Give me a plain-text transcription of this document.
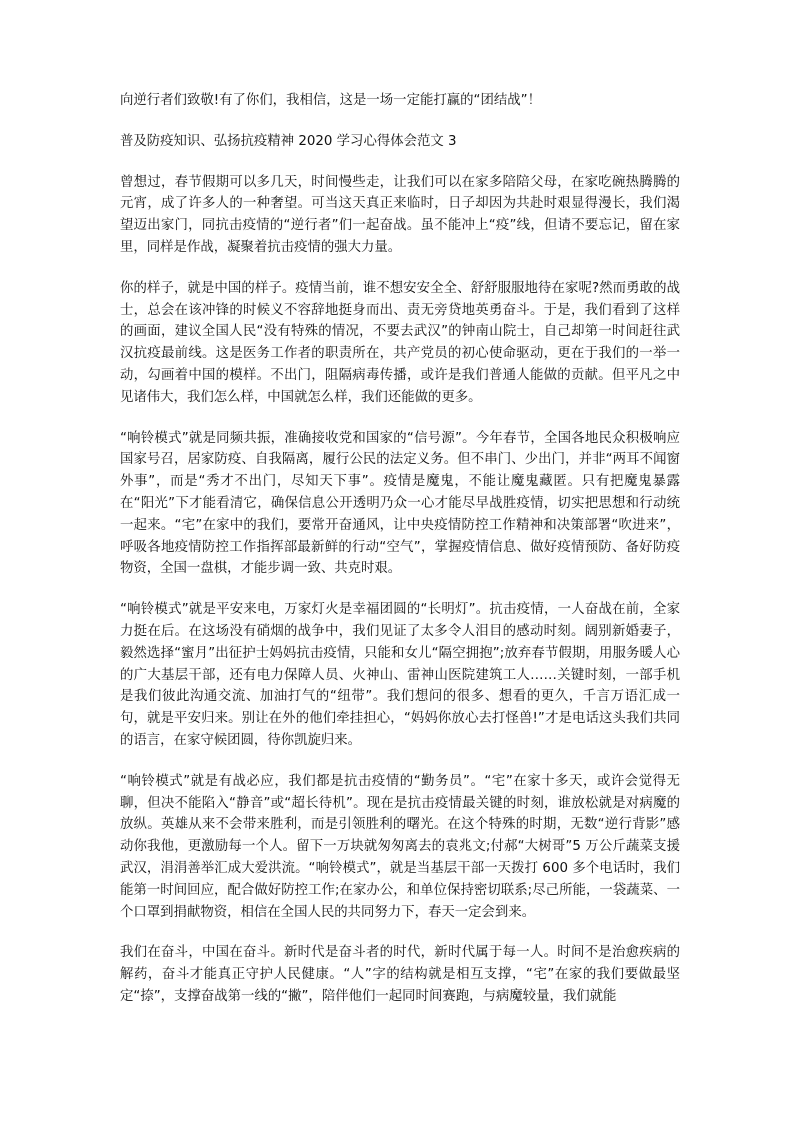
向逆行者们致敬!有了你们，我相信，这是一场一定能打赢的“团结战”！

普及防疫知识、弘扬抗疫精神 2020 学习心得体会范文 3

曾想过，春节假期可以多几天，时间慢些走，让我们可以在家多陪陪父母，在家吃碗热腾腾的元宵，成了许多人的一种奢望。可当这天真正来临时，日子却因为共赴时艰显得漫长，我们渴望迈出家门，同抗击疫情的“逆行者”们一起奋战。虽不能冲上“疫”线，但请不要忘记，留在家里，同样是作战，凝聚着抗击疫情的强大力量。

你的样子，就是中国的样子。疫情当前，谁不想安安全全、舒舒服服地待在家呢?然而勇敢的战士，总会在该冲锋的时候义不容辞地挺身而出、责无旁贷地英勇奋斗。于是，我们看到了这样的画面，建议全国人民“没有特殊的情况，不要去武汉”的钟南山院士，自己却第一时间赶往武汉抗疫最前线。这是医务工作者的职责所在，共产党员的初心使命驱动，更在于我们的一举一动，勾画着中国的模样。不出门，阻隔病毒传播，或许是我们普通人能做的贡献。但平凡之中见诸伟大，我们怎么样，中国就怎么样，我们还能做的更多。

“响铃模式”就是同频共振，准确接收党和国家的“信号源”。今年春节，全国各地民众积极响应国家号召，居家防疫、自我隔离，履行公民的法定义务。但不串门、少出门，并非“两耳不闻窗外事”，而是“秀才不出门，尽知天下事”。疫情是魔鬼，不能让魔鬼藏匿。只有把魔鬼暴露在“阳光”下才能看清它，确保信息公开透明乃众一心才能尽早战胜疫情，切实把思想和行动统一起来。“宅”在家中的我们，要常开奋通风，让中央疫情防控工作精神和决策部署“吹进来”，呼吸各地疫情防控工作指挥部最新鲜的行动“空气”，掌握疫情信息、做好疫情预防、备好防疫物资，全国一盘棋，才能步调一致、共克时艰。

“响铃模式”就是平安来电，万家灯火是幸福团圆的“长明灯”。抗击疫情，一人奋战在前，全家力挺在后。在这场没有硝烟的战争中，我们见证了太多令人泪目的感动时刻。阔别新婚妻子，毅然选择“蜜月”出征护士妈妈抗击疫情，只能和女儿“隔空拥抱”;放弃春节假期，用服务暖人心的广大基层干部，还有电力保障人员、火神山、雷神山医院建筑工人……关键时刻，一部手机是我们彼此沟通交流、加油打气的“纽带”。我们想问的很多、想看的更久，千言万语汇成一句，就是平安归来。别让在外的他们牵挂担心，“妈妈你放心去打怪兽!”才是电话这头我们共同的语言，在家守候团圆，待你凯旋归来。

“响铃模式”就是有战必应，我们都是抗击疫情的“勤务员”。“宅”在家十多天，或许会觉得无聊，但决不能陷入“静音”或“超长待机”。现在是抗击疫情最关键的时刻，谁放松就是对病魔的放纵。英雄从来不会带来胜利，而是引领胜利的曙光。在这个特殊的时期，无数“逆行背影”感动你我他，更激励每一个人。留下一万块就匆匆离去的袁兆文;付郝“大树哥”5 万公斤蔬菜支援武汉，涓涓善举汇成大爱洪流。“响铃模式”，就是当基层干部一天拨打 600 多个电话时，我们能第一时间回应，配合做好防控工作;在家办公，和单位保持密切联系;尽己所能，一袋蔬菜、一个口罩到捐献物资，相信在全国人民的共同努力下，春天一定会到来。

我们在奋斗，中国在奋斗。新时代是奋斗者的时代，新时代属于每一人。时间不是治愈疾病的解药，奋斗才能真正守护人民健康。“人”字的结构就是相互支撑，“宅”在家的我们要做最坚定“捺”，支撑奋战第一线的“撇”，陪伴他们一起同时间赛跑，与病魔较量，我们就能
